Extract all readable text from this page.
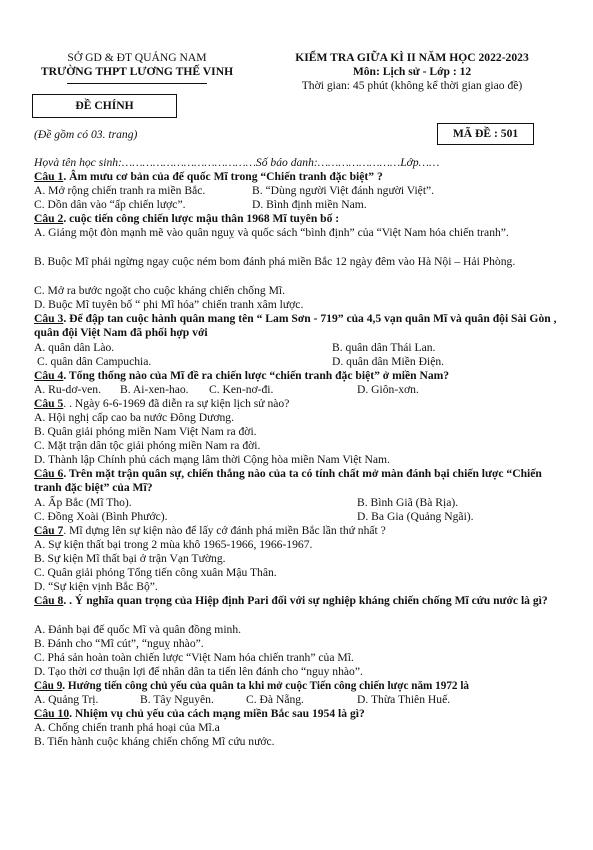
SỞ GD & ĐT QUẢNG NAM
TRƯỜNG THPT LƯƠNG THẾ VINH
KIỂM TRA GIỮA KÌ II NĂM HỌC 2022-2023
Môn: Lịch sử - Lớp : 12
Thời gian: 45 phút (không kể thời gian giao đề)
ĐỀ CHÍNH
(Đề gồm có 03. trang)	MÃ ĐỀ : 501
Họvà tên học sinh:…………………………………Số báo danh:……………………Lớp……
Câu 1. Âm mưu cơ bản của đế quốc Mĩ trong “Chiến tranh đặc biệt” ?
A. Mở rộng chiến tranh ra miền Bắc.	B. “Dùng người Việt đánh người Việt”.
C. Dồn dân vào “ấp chiến lược”.	D. Bình định miền Nam.
Câu 2. cuộc tiến công chiến lược mậu thân 1968 Mĩ tuyên bố :
A. Giáng một đòn mạnh mẽ vào quân nguỵ và quốc sách “bình định” của “Việt Nam hóa chiến tranh”.
B. Buộc Mĩ phải ngừng ngay cuộc ném bom đánh phá miền Bắc 12 ngày đêm vào Hà Nội – Hải Phòng.
C. Mở ra bước ngoặt cho cuộc kháng chiến chống Mĩ.
D. Buộc Mĩ tuyên bố “ phi Mĩ hóa” chiến tranh xâm lược.
Câu 3. Để đập tan cuộc hành quân mang tên “ Lam Sơn - 719” của 4,5 vạn quân Mĩ và quân đội Sài Gòn , quân đội Việt Nam đã phối hợp với
A. quân dân Lào.	B. quân dân Thái Lan.
C. quân dân Campuchia.	D. quân dân Miền Điện.
Câu 4. Tổng thống nào của Mĩ đề ra chiến lược “chiến tranh đặc biệt” ở miền Nam?
A. Ru-dơ-ven. B. Ai-xen-hao. C. Ken-nơ-đi.	D. Giôn-xơn.
Câu 5. . Ngày 6-6-1969 đã diễn ra sự kiện lịch sử nào?
A. Hội nghị cấp cao ba nước Đông Dương.
B. Quân giải phóng miền Nam Việt Nam ra đời.
C. Mặt trận dân tộc giải phóng miền Nam ra đời.
D. Thành lập Chính phủ cách mạng lâm thời Cộng hòa miền Nam Việt Nam.
Câu 6. Trên mặt trận quân sự, chiến thắng nào của ta có tính chất mở màn đánh bại chiến lược “Chiến tranh đặc biệt” của Mĩ?
A. Ấp Bắc (Mĩ Tho).	B. Bình Giã (Bà Rịa).
C. Đồng Xoài (Bình Phước).	D. Ba Gia (Quảng Ngãi).
Câu 7. Mĩ dựng lên sự kiện nào để lấy cớ đánh phá miền Bắc lần thứ nhất ?
A. Sự kiện thất bại trong 2 mùa khô 1965-1966, 1966-1967.
B. Sự kiện Mĩ thất bại ở trận Vạn Tường.
C. Quân giải phóng Tổng tiến công xuân Mậu Thân.
D. “Sự kiện vịnh Bắc Bộ”.
Câu 8. . Ý nghĩa quan trọng của Hiệp định Pari đối với sự nghiệp kháng chiến chống Mĩ cứu nước là gì?
A. Đánh bại đế quốc Mĩ và quân đồng minh.
B. Đánh cho “Mĩ cút”, “nguỵ nhào”.
C. Phá sản hoàn toàn chiến lược “Việt Nam hóa chiến tranh” của Mĩ.
D. Tạo thời cơ thuận lợi để nhân dân ta tiến lên đánh cho “nguy nhào”.
Câu 9. Hướng tiến công chủ yếu của quân ta khi mở cuộc Tiến công chiến lược năm 1972 là
A. Quảng Trị.	B. Tây Nguyên.	C. Đà Nẵng.	D. Thừa Thiên Huế.
Câu 10. Nhiệm vụ chủ yếu của cách mạng miền Bắc sau 1954 là gì?
A. Chống chiến tranh phá hoại của Mĩ.a
B. Tiến hành cuộc kháng chiến chống Mĩ cứu nước.
